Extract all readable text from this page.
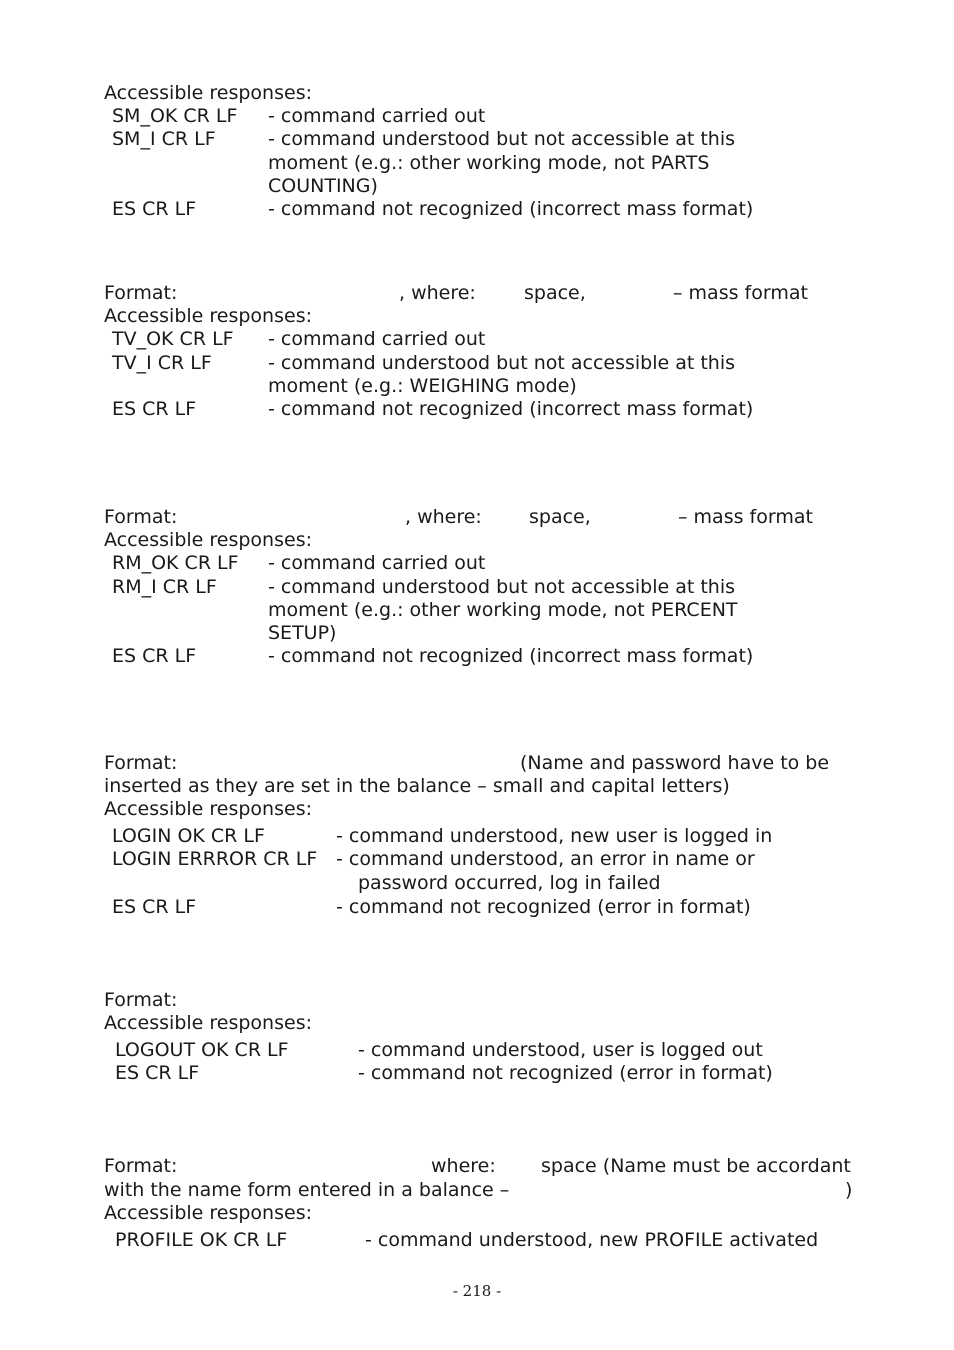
Accessible responses:
SM_OK CR LF - command carried out
SM_I CR LF	- command understood but not accessible at this
moment (e.g.: other working mode, not PARTS
COUNTING)
ES CR LF	- command not recognized (incorrect mass format)
Format:	, where:	space,	– mass format
Accessible responses:
TV_OK CR LF - command carried out
TV_I CR LF	- command understood but not accessible at this
moment (e.g.: WEIGHING mode)
ES CR LF	- command not recognized (incorrect mass format)
Format:	, where: space,	– mass format
Accessible responses:
RM_OK CR LF - command carried out
RM_I CR LF	- command understood but not accessible at this
moment (e.g.: other working mode, not PERCENT
SETUP)
ES CR LF	- command not recognized (incorrect mass format)
Format:	(Name and password have to be
inserted as they are set in the balance – small and capital letters)
Accessible responses:
LOGIN OK CR LF	- command understood, new user is logged in
LOGIN ERRROR CR LF - command understood, an error in name or
password occurred, log in failed
ES CR LF	- command not recognized (error in format)
Format:
Accessible responses:
LOGOUT OK CR LF	- command understood, user is logged out
ES CR LF	- command not recognized (error in format)
Format:	where: space (Name must be accordant
with the name form entered in a balance –	)
Accessible responses:
PROFILE OK CR LF	- command understood, new PROFILE activated
- 218 -
